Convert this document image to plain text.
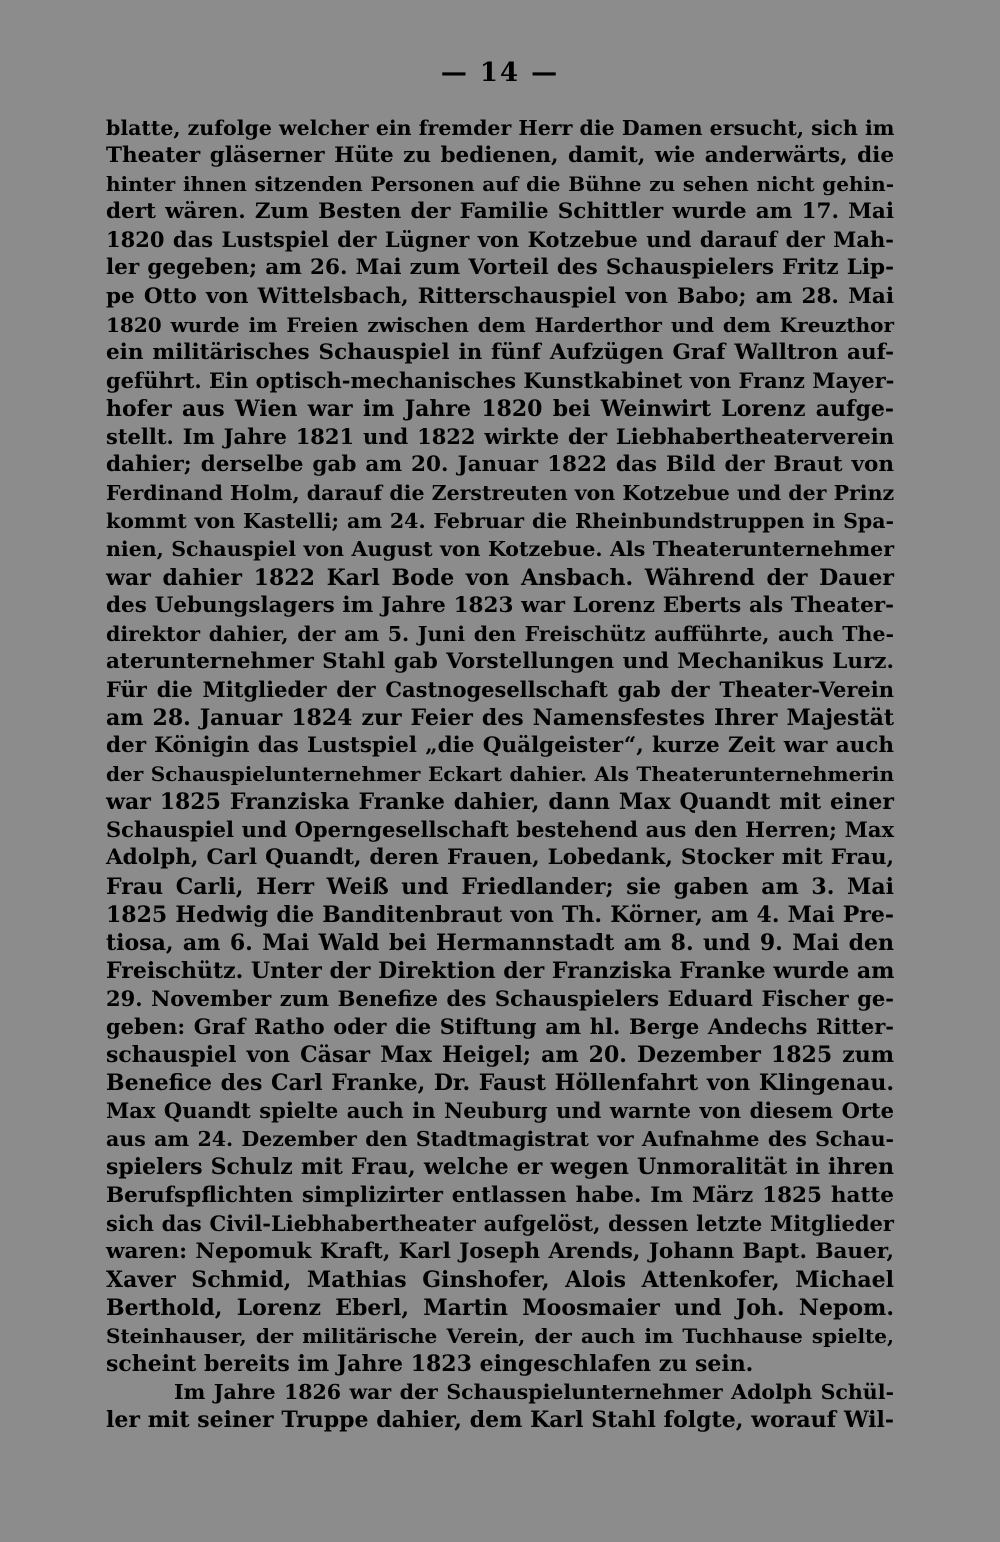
— 14 —
blatte, zufolge welcher ein fremder Herr die Damen ersucht, sich im
Theater gläserner Hüte zu bedienen, damit, wie anderwärts, die
hinter ihnen sitzenden Personen auf die Bühne zu sehen nicht gehin-
dert wären. Zum Besten der Familie Schittler wurde am 17. Mai
1820 das Lustspiel der Lügner von Kotzebue und darauf der Mah-
ler gegeben; am 26. Mai zum Vorteil des Schauspielers Fritz Lip-
pe Otto von Wittelsbach, Ritterschauspiel von Babo; am 28. Mai
1820 wurde im Freien zwischen dem Harderthor und dem Kreuzthor
ein militärisches Schauspiel in fünf Aufzügen Graf Walltron auf-
geführt. Ein optisch-mechanisches Kunstkabinet von Franz Mayer-
hofer aus Wien war im Jahre 1820 bei Weinwirt Lorenz aufge-
stellt. Im Jahre 1821 und 1822 wirkte der Liebhabertheaterverein
dahier; derselbe gab am 20. Januar 1822 das Bild der Braut von
Ferdinand Holm, darauf die Zerstreuten von Kotzebue und der Prinz
kommt von Kastelli; am 24. Februar die Rheinbundstruppen in Spa-
nien, Schauspiel von August von Kotzebue. Als Theaterunternehmer
war dahier 1822 Karl Bode von Ansbach. Während der Dauer
des Uebungslagers im Jahre 1823 war Lorenz Eberts als Theater-
direktor dahier, der am 5. Juni den Freischütz aufführte, auch The-
aterunternehmer Stahl gab Vorstellungen und Mechanikus Lurz.
Für die Mitglieder der Castnogesellschaft gab der Theater-Verein
am 28. Januar 1824 zur Feier des Namensfestes Ihrer Majestät
der Königin das Lustspiel „die Quälgeister“, kurze Zeit war auch
der Schauspielunternehmer Eckart dahier. Als Theaterunternehmerin
war 1825 Franziska Franke dahier, dann Max Quandt mit einer
Schauspiel und Operngesellschaft bestehend aus den Herren; Max
Adolph, Carl Quandt, deren Frauen, Lobedank, Stocker mit Frau,
Frau Carli, Herr Weiß und Friedlander; sie gaben am 3. Mai
1825 Hedwig die Banditenbraut von Th. Körner, am 4. Mai Pre-
tiosa, am 6. Mai Wald bei Hermannstadt am 8. und 9. Mai den
Freischütz. Unter der Direktion der Franziska Franke wurde am
29. November zum Benefize des Schauspielers Eduard Fischer ge-
geben: Graf Ratho oder die Stiftung am hl. Berge Andechs Ritter-
schauspiel von Cäsar Max Heigel; am 20. Dezember 1825 zum
Benefice des Carl Franke, Dr. Faust Höllenfahrt von Klingenau.
Max Quandt spielte auch in Neuburg und warnte von diesem Orte
aus am 24. Dezember den Stadtmagistrat vor Aufnahme des Schau-
spielers Schulz mit Frau, welche er wegen Unmoralität in ihren
Berufspflichten simplizirter entlassen habe. Im März 1825 hatte
sich das Civil-Liebhabertheater aufgelöst, dessen letzte Mitglieder
waren: Nepomuk Kraft, Karl Joseph Arends, Johann Bapt. Bauer,
Xaver Schmid, Mathias Ginshofer, Alois Attenkofer, Michael
Berthold, Lorenz Eberl, Martin Moosmaier und Joh. Nepom.
Steinhauser, der militärische Verein, der auch im Tuchhause spielte,
scheint bereits im Jahre 1823 eingeschlafen zu sein.
Im Jahre 1826 war der Schauspielunternehmer Adolph Schül-
ler mit seiner Truppe dahier, dem Karl Stahl folgte, worauf Wil-
